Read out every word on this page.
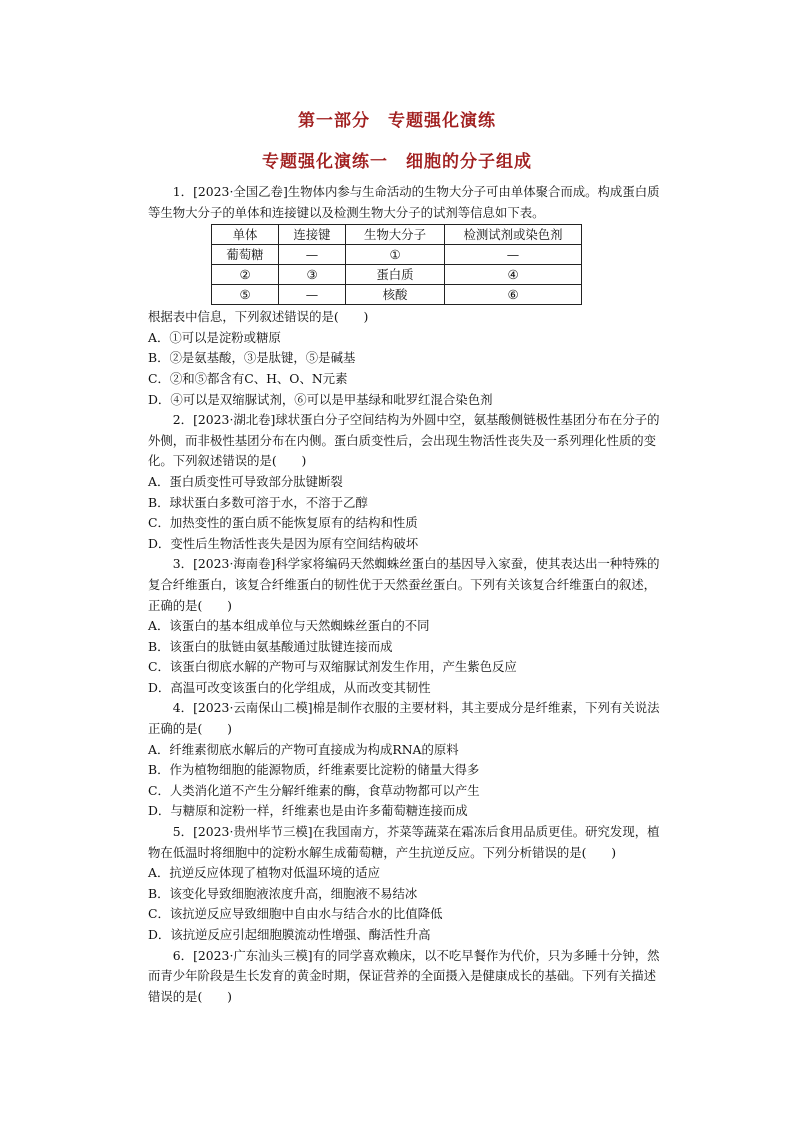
第一部分　专题强化演练
专题强化演练一　细胞的分子组成

1．[2023·全国乙卷]生物体内参与生命活动的生物大分子可由单体聚合而成。构成蛋白质等生物大分子的单体和连接键以及检测生物大分子的试剂等信息如下表。

单体	连接键	生物大分子	检测试剂或染色剂
葡萄糖	—	①	—
②	③	蛋白质	④
⑤	—	核酸	⑥

根据表中信息，下列叙述错误的是(　　)

A．①可以是淀粉或糖原

B．②是氨基酸，③是肽键，⑤是碱基

C．②和⑤都含有C、H、O、N元素

D．④可以是双缩脲试剂，⑥可以是甲基绿和吡罗红混合染色剂

2．[2023·湖北卷]球状蛋白分子空间结构为外圆中空，氨基酸侧链极性基团分布在分子的外侧，而非极性基团分布在内侧。蛋白质变性后，会出现生物活性丧失及一系列理化性质的变化。下列叙述错误的是(　　)

A．蛋白质变性可导致部分肽键断裂

B．球状蛋白多数可溶于水，不溶于乙醇

C．加热变性的蛋白质不能恢复原有的结构和性质

D．变性后生物活性丧失是因为原有空间结构破坏

3．[2023·海南卷]科学家将编码天然蜘蛛丝蛋白的基因导入家蚕，使其表达出一种特殊的复合纤维蛋白，该复合纤维蛋白的韧性优于天然蚕丝蛋白。下列有关该复合纤维蛋白的叙述，正确的是(　　)

A．该蛋白的基本组成单位与天然蜘蛛丝蛋白的不同

B．该蛋白的肽链由氨基酸通过肽键连接而成

C．该蛋白彻底水解的产物可与双缩脲试剂发生作用，产生紫色反应

D．高温可改变该蛋白的化学组成，从而改变其韧性

4．[2023·云南保山二模]棉是制作衣服的主要材料，其主要成分是纤维素，下列有关说法正确的是(　　)

A．纤维素彻底水解后的产物可直接成为构成RNA的原料

B．作为植物细胞的能源物质，纤维素要比淀粉的储量大得多

C．人类消化道不产生分解纤维素的酶，食草动物都可以产生

D．与糖原和淀粉一样，纤维素也是由许多葡萄糖连接而成

5．[2023·贵州毕节三模]在我国南方，芥菜等蔬菜在霜冻后食用品质更佳。研究发现，植物在低温时将细胞中的淀粉水解生成葡萄糖，产生抗逆反应。下列分析错误的是(　　)

A．抗逆反应体现了植物对低温环境的适应

B．该变化导致细胞液浓度升高，细胞液不易结冰

C．该抗逆反应导致细胞中自由水与结合水的比值降低

D．该抗逆反应引起细胞膜流动性增强、酶活性升高

6．[2023·广东汕头三模]有的同学喜欢赖床，以不吃早餐作为代价，只为多睡十分钟，然而青少年阶段是生长发育的黄金时期，保证营养的全面摄入是健康成长的基础。下列有关描述错误的是(　　)
